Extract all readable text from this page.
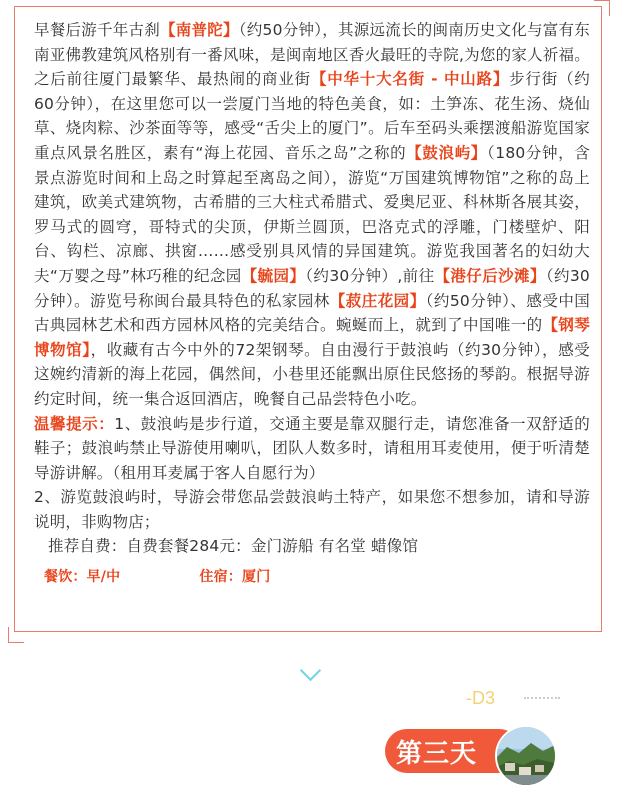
早餐后游千年古刹【南普陀】（约50分钟），其源远流长的闽南历史文化与富有东南亚佛教建筑风格别有一番风味，是闽南地区香火最旺的寺院,为您的家人祈福。之后前往厦门最繁华、最热闹的商业街【中华十大名街 - 中山路】步行街（约60分钟），在这里您可以一尝厦门当地的特色美食，如：土笋冻、花生汤、烧仙草、烧肉粽、沙茶面等等，感受“舌尖上的厦门”。后车至码头乘摆渡船游览国家重点风景名胜区，素有“海上花园、音乐之岛”之称的【鼓浪屿】（180分钟，含景点游览时间和上岛之时算起至离岛之间），游览“万国建筑博物馆”之称的岛上建筑，欧美式建筑物，古希腊的三大柱式希腊式、爱奥尼亚、科林斯各展其姿，罗马式的圆穹，哥特式的尖顶，伊斯兰圆顶，巴洛克式的浮雕，门楼壁炉、阳台、钩栏、凉廊、拱窗……感受别具风情的异国建筑。游览我国著名的妇幼大夫“万婴之母”林巧稚的纪念园【毓园】（约30分钟）,前往【港仔后沙滩】（约30分钟）。游览号称闽台最具特色的私家园林【菽庄花园】（约50分钟）、感受中国古典园林艺术和西方园林风格的完美结合。蜿蜒而上，就到了中国唯一的【钢琴博物馆】，收藏有古今中外的72架钢琴。自由漫行于鼓浪屿（约30分钟），感受这婉约清新的海上花园，偶然间，小巷里还能飘出原住民悠扬的琴韵。根据导游约定时间，统一集合返回酒店，晚餐自己品尝特色小吃。

温馨提示：1、鼓浪屿是步行道，交通主要是靠双腿行走，请您准备一双舒适的鞋子；鼓浪屿禁止导游使用喇叭，团队人数多时，请租用耳麦使用，便于听清楚导游讲解。（租用耳麦属于客人自愿行为）

2、游览鼓浪屿时，导游会带您品尝鼓浪屿土特产，如果您不想参加，请和导游说明，非购物店；

推荐自费：自费套餐284元：金门游船 有名堂 蜡像馆

餐饮：早/中	住宿：厦门
-D3
第三天
